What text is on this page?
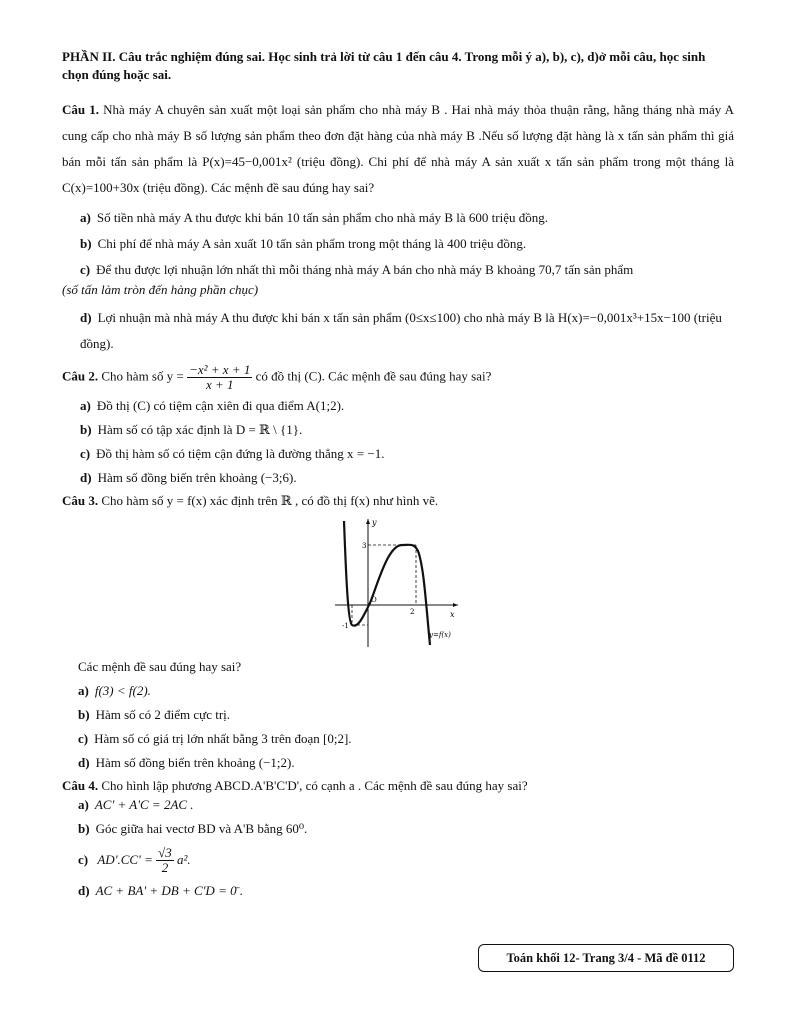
PHẦN II. Câu trắc nghiệm đúng sai. Học sinh trả lời từ câu 1 đến câu 4. Trong mỗi ý a), b), c), d)ở mỗi câu, học sinh chọn đúng hoặc sai.

Câu 1. Nhà máy A chuyên sản xuất một loại sản phẩm cho nhà máy B . Hai nhà máy thỏa thuận rằng, hằng tháng nhà máy A cung cấp cho nhà máy B số lượng sản phẩm theo đơn đặt hàng của nhà máy B .Nếu số lượng đặt hàng là x tấn sản phẩm thì giá bán mỗi tấn sản phẩm là P(x)=45−0,001x² (triệu đồng). Chi phí để nhà máy A sản xuất x tấn sản phẩm trong một tháng là C(x)=100+30x (triệu đồng). Các mệnh đề sau đúng hay sai?

a) Số tiền nhà máy A thu được khi bán 10 tấn sản phẩm cho nhà máy B là 600 triệu đồng.
b) Chi phí để nhà máy A sản xuất 10 tấn sản phẩm trong một tháng là 400 triệu đồng.
c) Để thu được lợi nhuận lớn nhất thì mỗi tháng nhà máy A bán cho nhà máy B khoảng 70,7 tấn sản phẩm
(số tấn làm tròn đến hàng phần chục)
d) Lợi nhuận mà nhà máy A thu được khi bán x tấn sản phẩm (0≤x≤100) cho nhà máy B là H(x)=−0,001x³+15x−100 (triệu đồng).
Câu 2. Cho hàm số $y = \frac{\text{−x² + x + 1}}{x + 1}$ có đồ thị (C). Các mệnh đề sau đúng hay sai?
a) Đồ thị (C) có tiệm cận xiên đi qua điểm A(1;2).
b) Hàm số có tập xác định là D = ℝ \ {1}.
c) Đồ thị hàm số có tiệm cận đứng là đường thẳng x = −1.
d) Hàm số đồng biến trên khoảng (−3;6).
Câu 3. Cho hàm số y = f(x) xác định trên ℝ , có đồ thị f(x) như hình vẽ.
y
x
O
3
-1
2
y=f(x)
Các mệnh đề sau đúng hay sai?
a) f(3) < f(2).
b) Hàm số có 2 điểm cực trị.
c) Hàm số có giá trị lớn nhất bằng 3 trên đoạn [0;2].
d) Hàm số đồng biến trên khoảng (−1;2).
Câu 4. Cho hình lập phương ABCD.A'B'C'D', có cạnh a . Các mệnh đề sau đúng hay sai?
a) AC' + A'C = 2AC .
b) Góc giữa hai vectơ BD và A'B bằng 60⁰.
c) $AD'.CC' = \frac{√3}{2} a^2$.
d) AC + BA' + DB + C'D = 0̄ .
Toán khối 12- Trang 3/4 - Mã đề 0112
